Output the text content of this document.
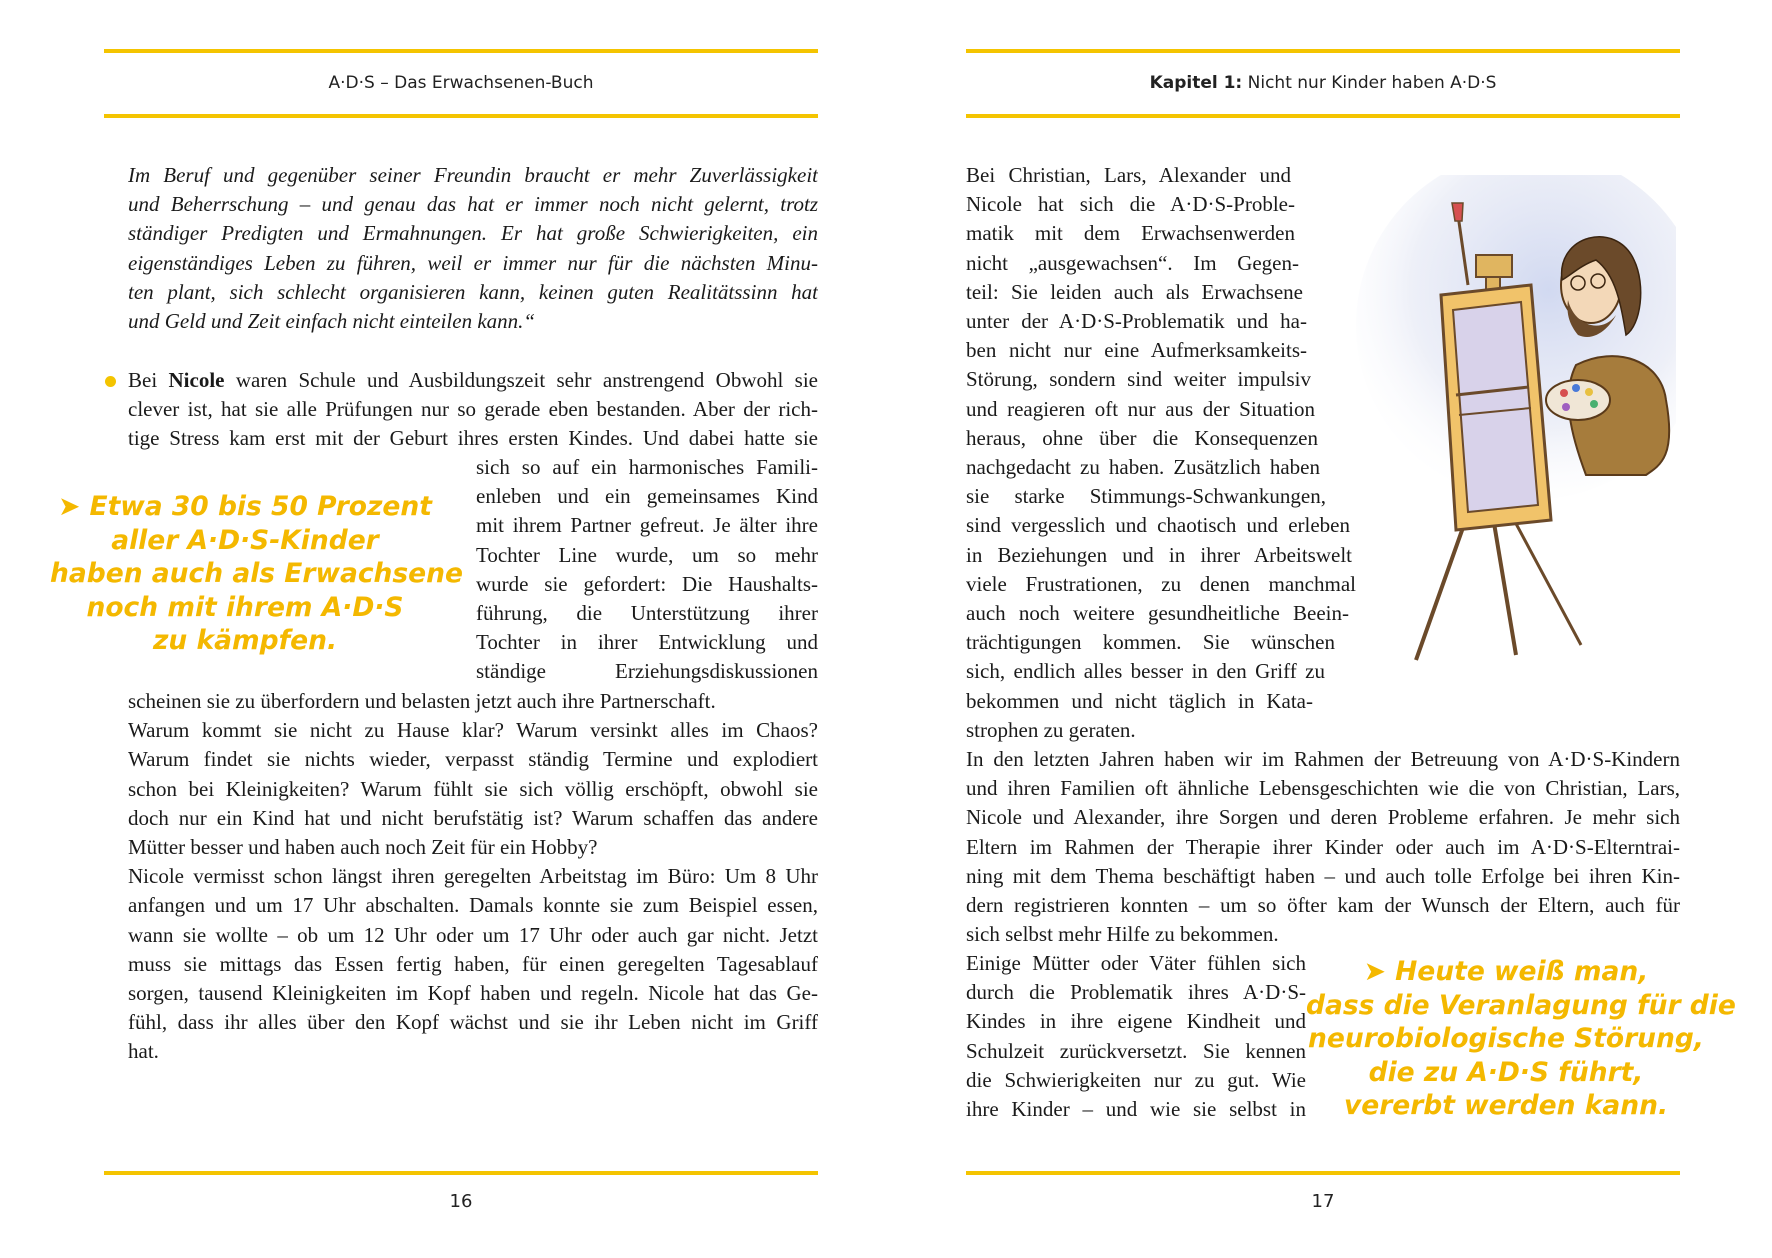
A·D·S – Das Erwachsenen-Buch
Im Beruf und gegenüber seiner Freundin braucht er mehr Zuverlässigkeit
und Beherrschung – und genau das hat er immer noch nicht gelernt, trotz
ständiger Predigten und Ermahnungen. Er hat große Schwierigkeiten, ein
eigenständiges Leben zu führen, weil er immer nur für die nächsten Minu-
ten plant, sich schlecht organisieren kann, keinen guten Realitätssinn hat
und Geld und Zeit einfach nicht einteilen kann.“
Bei Nicole waren Schule und Ausbildungszeit sehr anstrengend Obwohl sie
clever ist, hat sie alle Prüfungen nur so gerade eben bestanden. Aber der rich-
tige Stress kam erst mit der Geburt ihres ersten Kindes. Und dabei hatte sie
sich so auf ein harmonisches Famili-
enleben und ein gemeinsames Kind
mit ihrem Partner gefreut. Je älter ihre
Tochter Line wurde, um so mehr
wurde sie gefordert: Die Haushalts-
führung, die Unterstützung ihrer
Tochter in ihrer Entwicklung und
ständige Erziehungsdiskussionen
➤ Etwa 30 bis 50 Prozent
aller A·D·S-Kinder
haben auch als Erwachsene
noch mit ihrem A·D·S
zu kämpfen.
scheinen sie zu überfordern und belasten jetzt auch ihre Partnerschaft.
Warum kommt sie nicht zu Hause klar? Warum versinkt alles im Chaos?
Warum findet sie nichts wieder, verpasst ständig Termine und explodiert
schon bei Kleinigkeiten? Warum fühlt sie sich völlig erschöpft, obwohl sie
doch nur ein Kind hat und nicht berufstätig ist? Warum schaffen das andere
Mütter besser und haben auch noch Zeit für ein Hobby?
Nicole vermisst schon längst ihren geregelten Arbeitstag im Büro: Um 8 Uhr
anfangen und um 17 Uhr abschalten. Damals konnte sie zum Beispiel essen,
wann sie wollte – ob um 12 Uhr oder um 17 Uhr oder auch gar nicht. Jetzt
muss sie mittags das Essen fertig haben, für einen geregelten Tagesablauf
sorgen, tausend Kleinigkeiten im Kopf haben und regeln. Nicole hat das Ge-
fühl, dass ihr alles über den Kopf wächst und sie ihr Leben nicht im Griff
hat.
16
Kapitel 1: Nicht nur Kinder haben A·D·S
Bei Christian, Lars, Alexander und
Nicole hat sich die A·D·S-Proble-
matik mit dem Erwachsenwerden
nicht „ausgewachsen“. Im Gegen-
teil: Sie leiden auch als Erwachsene
unter der A·D·S-Problematik und ha-
ben nicht nur eine Aufmerksamkeits-
Störung, sondern sind weiter impulsiv
und reagieren oft nur aus der Situation
heraus, ohne über die Konsequenzen
nachgedacht zu haben. Zusätzlich haben
sie starke Stimmungs-Schwankungen,
sind vergesslich und chaotisch und erleben
in Beziehungen und in ihrer Arbeitswelt
viele Frustrationen, zu denen manchmal
auch noch weitere gesundheitliche Beein-
trächtigungen kommen. Sie wünschen
sich, endlich alles besser in den Griff zu
bekommen und nicht täglich in Kata-
strophen zu geraten.
In den letzten Jahren haben wir im Rahmen der Betreuung von A·D·S-Kindern
und ihren Familien oft ähnliche Lebensgeschichten wie die von Christian, Lars,
Nicole und Alexander, ihre Sorgen und deren Probleme erfahren. Je mehr sich
Eltern im Rahmen der Therapie ihrer Kinder oder auch im A·D·S-Elterntrai-
ning mit dem Thema beschäftigt haben – und auch tolle Erfolge bei ihren Kin-
dern registrieren konnten – um so öfter kam der Wunsch der Eltern, auch für
sich selbst mehr Hilfe zu bekommen.
Einige Mütter oder Väter fühlen sich
durch die Problematik ihres A·D·S-
Kindes in ihre eigene Kindheit und
Schulzeit zurückversetzt. Sie kennen
die Schwierigkeiten nur zu gut. Wie
ihre Kinder – und wie sie selbst in
➤ Heute weiß man,
dass die Veranlagung für die
neurobiologische Störung,
die zu A·D·S führt,
vererbt werden kann.
17
